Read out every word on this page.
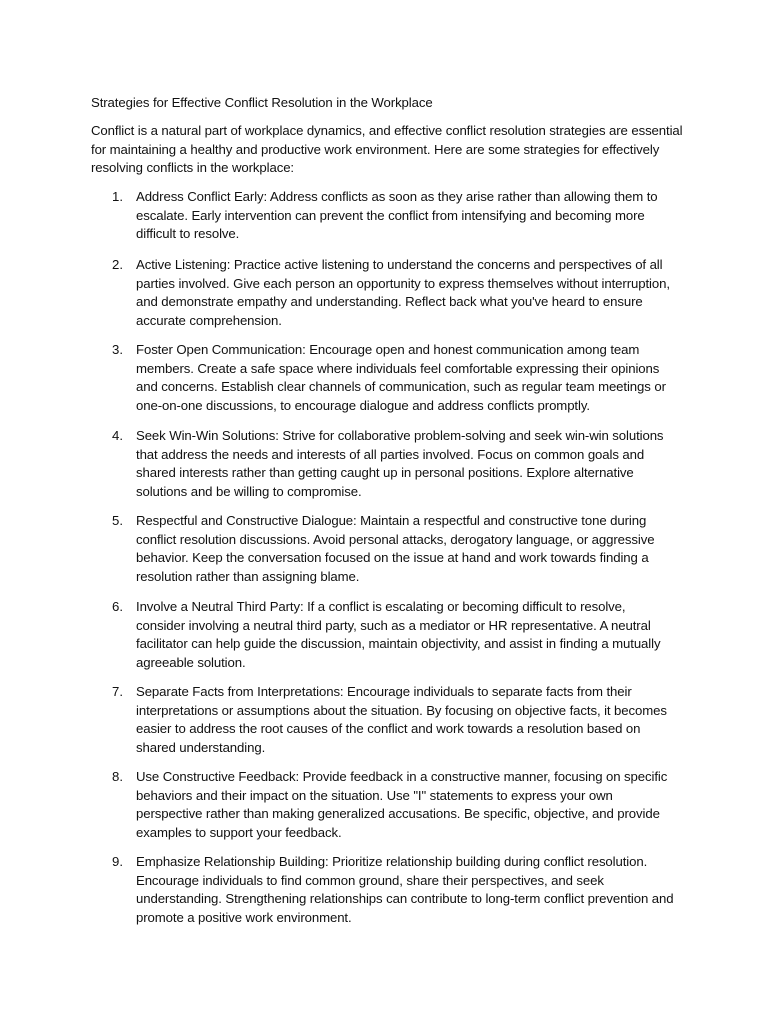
Strategies for Effective Conflict Resolution in the Workplace
Conflict is a natural part of workplace dynamics, and effective conflict resolution strategies are essential for maintaining a healthy and productive work environment. Here are some strategies for effectively resolving conflicts in the workplace:
1. Address Conflict Early: Address conflicts as soon as they arise rather than allowing them to escalate. Early intervention can prevent the conflict from intensifying and becoming more difficult to resolve.
2. Active Listening: Practice active listening to understand the concerns and perspectives of all parties involved. Give each person an opportunity to express themselves without interruption, and demonstrate empathy and understanding. Reflect back what you've heard to ensure accurate comprehension.
3. Foster Open Communication: Encourage open and honest communication among team members. Create a safe space where individuals feel comfortable expressing their opinions and concerns. Establish clear channels of communication, such as regular team meetings or one-on-one discussions, to encourage dialogue and address conflicts promptly.
4. Seek Win-Win Solutions: Strive for collaborative problem-solving and seek win-win solutions that address the needs and interests of all parties involved. Focus on common goals and shared interests rather than getting caught up in personal positions. Explore alternative solutions and be willing to compromise.
5. Respectful and Constructive Dialogue: Maintain a respectful and constructive tone during conflict resolution discussions. Avoid personal attacks, derogatory language, or aggressive behavior. Keep the conversation focused on the issue at hand and work towards finding a resolution rather than assigning blame.
6. Involve a Neutral Third Party: If a conflict is escalating or becoming difficult to resolve, consider involving a neutral third party, such as a mediator or HR representative. A neutral facilitator can help guide the discussion, maintain objectivity, and assist in finding a mutually agreeable solution.
7. Separate Facts from Interpretations: Encourage individuals to separate facts from their interpretations or assumptions about the situation. By focusing on objective facts, it becomes easier to address the root causes of the conflict and work towards a resolution based on shared understanding.
8. Use Constructive Feedback: Provide feedback in a constructive manner, focusing on specific behaviors and their impact on the situation. Use "I" statements to express your own perspective rather than making generalized accusations. Be specific, objective, and provide examples to support your feedback.
9. Emphasize Relationship Building: Prioritize relationship building during conflict resolution. Encourage individuals to find common ground, share their perspectives, and seek understanding. Strengthening relationships can contribute to long-term conflict prevention and promote a positive work environment.
